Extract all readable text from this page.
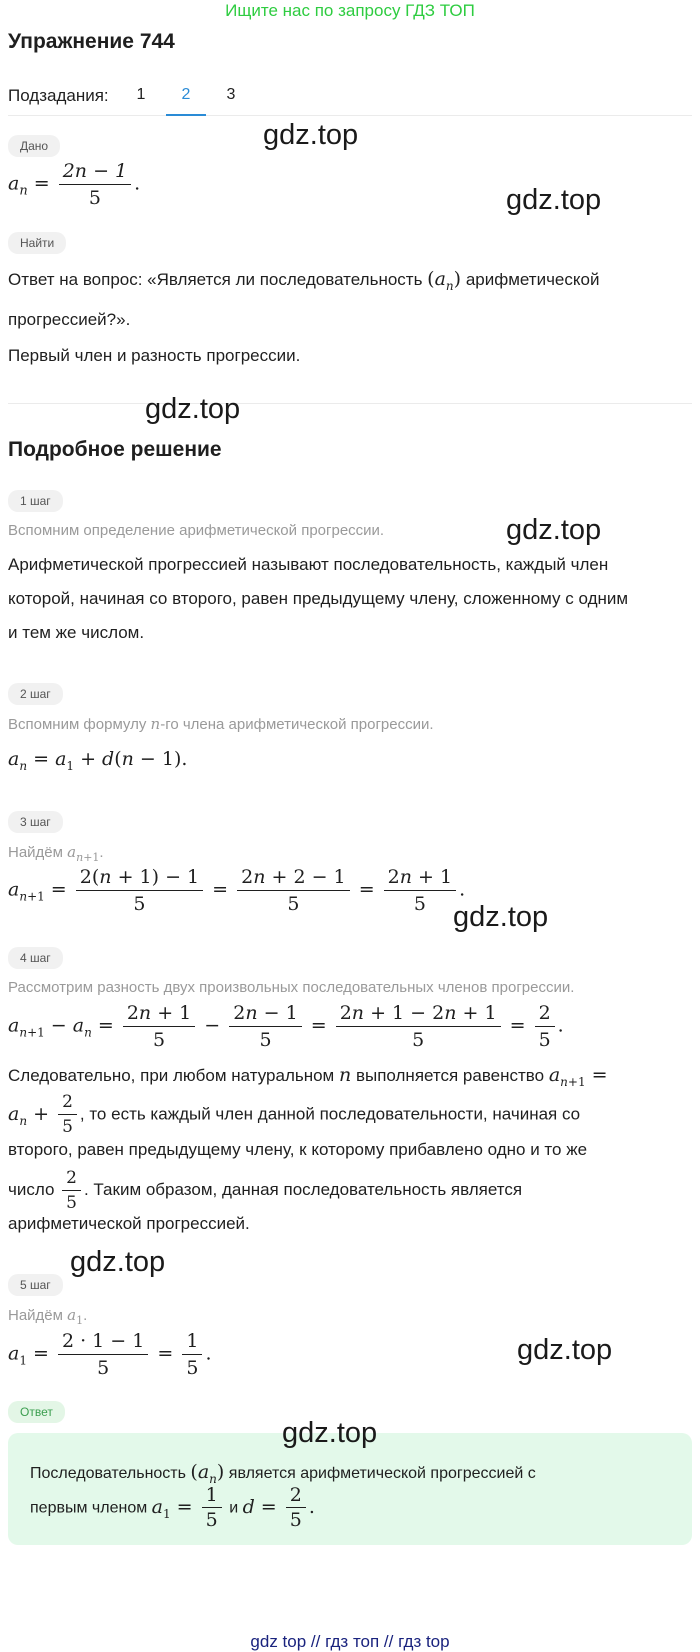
Ищите нас по запросу ГДЗ ТОП
Упражнение 744
Подзадания:	1	2	3
Дано	gdz.top
$a_n = \frac{2n - 1}{5}$ .
gdz.top
Найти
Ответ на вопрос: «Является ли последовательность $(a_n)$ арифметической
прогрессией?».
Первый член и разность прогрессии.
gdz.top
Подробное решение
1 шаг
Вспомним определение арифметической прогрессии.	gdz.top
Арифметической прогрессией называют последовательность, каждый член
которой, начиная со второго, равен предыдущему члену, сложенному с одним
и тем же числом.
2 шаг
Вспомним формулу n-го члена арифметической прогрессии.
$a_n = a_1 + d(n - 1)$.
3 шаг
Найдём $a_{n+1}$.
$a_{n+1} = \frac{2(n + 1) - 1}{5} = \frac{2n + 2 - 1}{5} = \frac{2n + 1}{5}$ .
gdz.top
4 шаг
Рассмотрим разность двух произвольных последовательных членов прогрессии.
$a_{n+1} - a_n = \frac{2n + 1}{5} - \frac{2n - 1}{5} = \frac{2n + 1 - 2n + 1}{5} = \frac{2}{5}$ .
Следовательно, при любом натуральном n выполняется равенство $a_{n+1}$ =
$a_n + \frac{2}{5}$ , то есть каждый член данной последовательности, начиная со
второго, равен предыдущему члену, к которому прибавлено одно и то же
число $\frac{2}{5}$ . Таким образом, данная последовательность является
арифметической прогрессией.
gdz.top
5 шаг
Найдём $a_1$.
$a_1 = \frac{2 \cdot 1 - 1}{5} = \frac{1}{5}$ .	gdz.top
Ответ
gdz.top
Последовательность $(a_n)$ является арифметической прогрессией с
первым членом $a_1 = \frac{1}{5}$ и $d = \frac{2}{5}$ .
gdz top // гдз топ // гдз top
